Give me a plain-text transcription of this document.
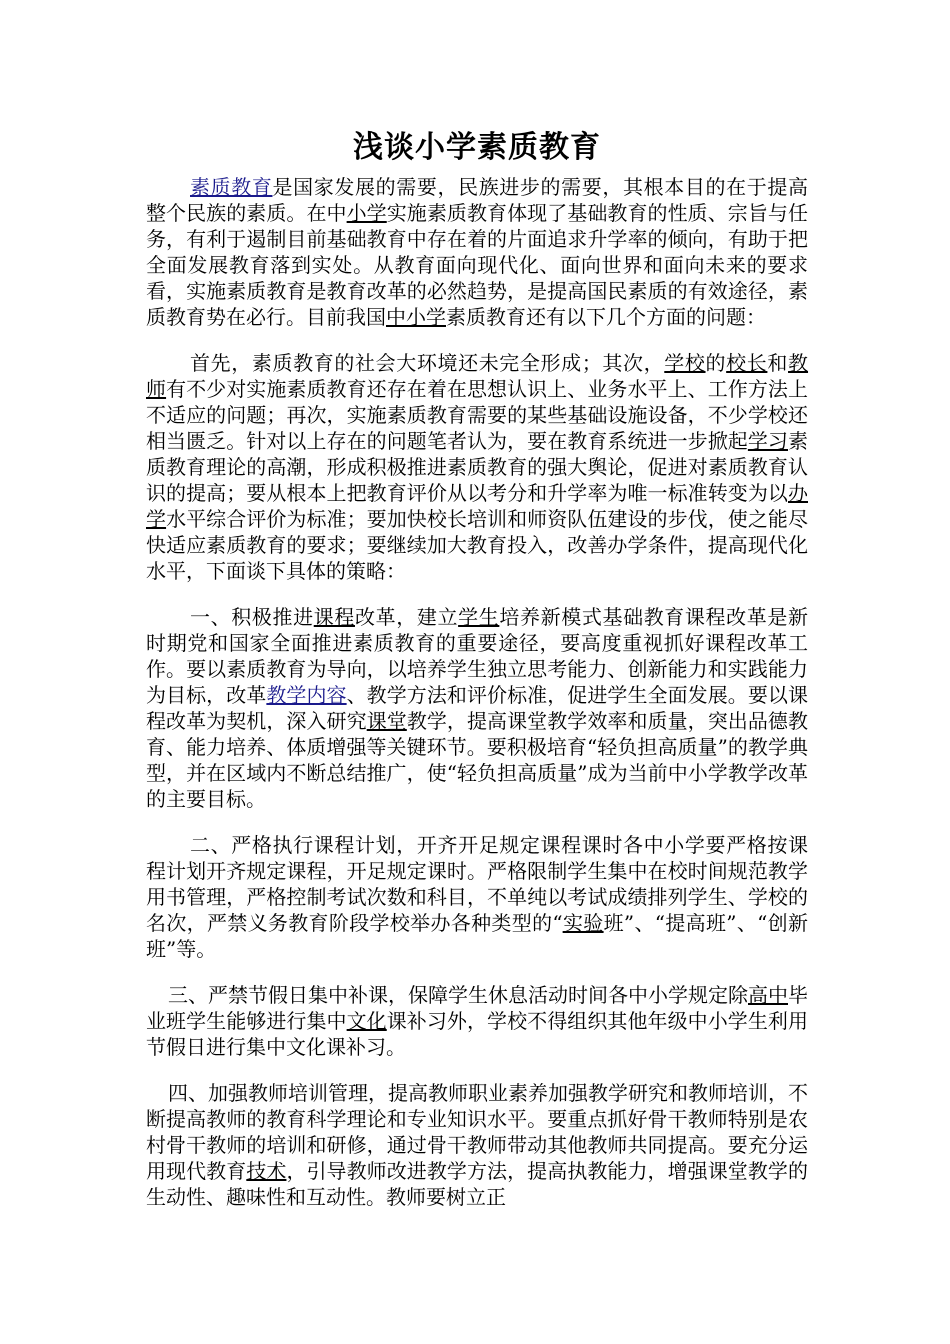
浅谈小学素质教育

素质教育是国家发展的需要，民族进步的需要，其根本目的在于提高整个民族的素质。在中小学实施素质教育体现了基础教育的性质、宗旨与任务，有利于遏制目前基础教育中存在着的片面追求升学率的倾向，有助于把全面发展教育落到实处。从教育面向现代化、面向世界和面向未来的要求看，实施素质教育是教育改革的必然趋势，是提高国民素质的有效途径，素质教育势在必行。目前我国中小学素质教育还有以下几个方面的问题：

首先，素质教育的社会大环境还未完全形成；其次，学校的校长和教师有不少对实施素质教育还存在着在思想认识上、业务水平上、工作方法上不适应的问题；再次，实施素质教育需要的某些基础设施设备，不少学校还相当匮乏。针对以上存在的问题笔者认为，要在教育系统进一步掀起学习素质教育理论的高潮，形成积极推进素质教育的强大舆论，促进对素质教育认识的提高；要从根本上把教育评价从以考分和升学率为唯一标准转变为以办学水平综合评价为标准；要加快校长培训和师资队伍建设的步伐，使之能尽快适应素质教育的要求；要继续加大教育投入，改善办学条件，提高现代化水平，下面谈下具体的策略：

一、积极推进课程改革，建立学生培养新模式基础教育课程改革是新时期党和国家全面推进素质教育的重要途径，要高度重视抓好课程改革工作。要以素质教育为导向，以培养学生独立思考能力、创新能力和实践能力为目标，改革教学内容、教学方法和评价标准，促进学生全面发展。要以课程改革为契机，深入研究课堂教学，提高课堂教学效率和质量，突出品德教育、能力培养、体质增强等关键环节。要积极培育“轻负担高质量”的教学典型，并在区域内不断总结推广，使“轻负担高质量”成为当前中小学教学改革的主要目标。

二、严格执行课程计划，开齐开足规定课程课时各中小学要严格按课程计划开齐规定课程，开足规定课时。严格限制学生集中在校时间规范教学用书管理，严格控制考试次数和科目，不单纯以考试成绩排列学生、学校的名次，严禁义务教育阶段学校举办各种类型的“实验班”、“提高班”、“创新班”等。

三、严禁节假日集中补课，保障学生休息活动时间各中小学规定除高中毕业班学生能够进行集中文化课补习外，学校不得组织其他年级中小学生利用节假日进行集中文化课补习。

四、加强教师培训管理，提高教师职业素养加强教学研究和教师培训，不断提高教师的教育科学理论和专业知识水平。要重点抓好骨干教师特别是农村骨干教师的培训和研修，通过骨干教师带动其他教师共同提高。要充分运用现代教育技术，引导教师改进教学方法，提高执教能力，增强课堂教学的生动性、趣味性和互动性。教师要树立正
